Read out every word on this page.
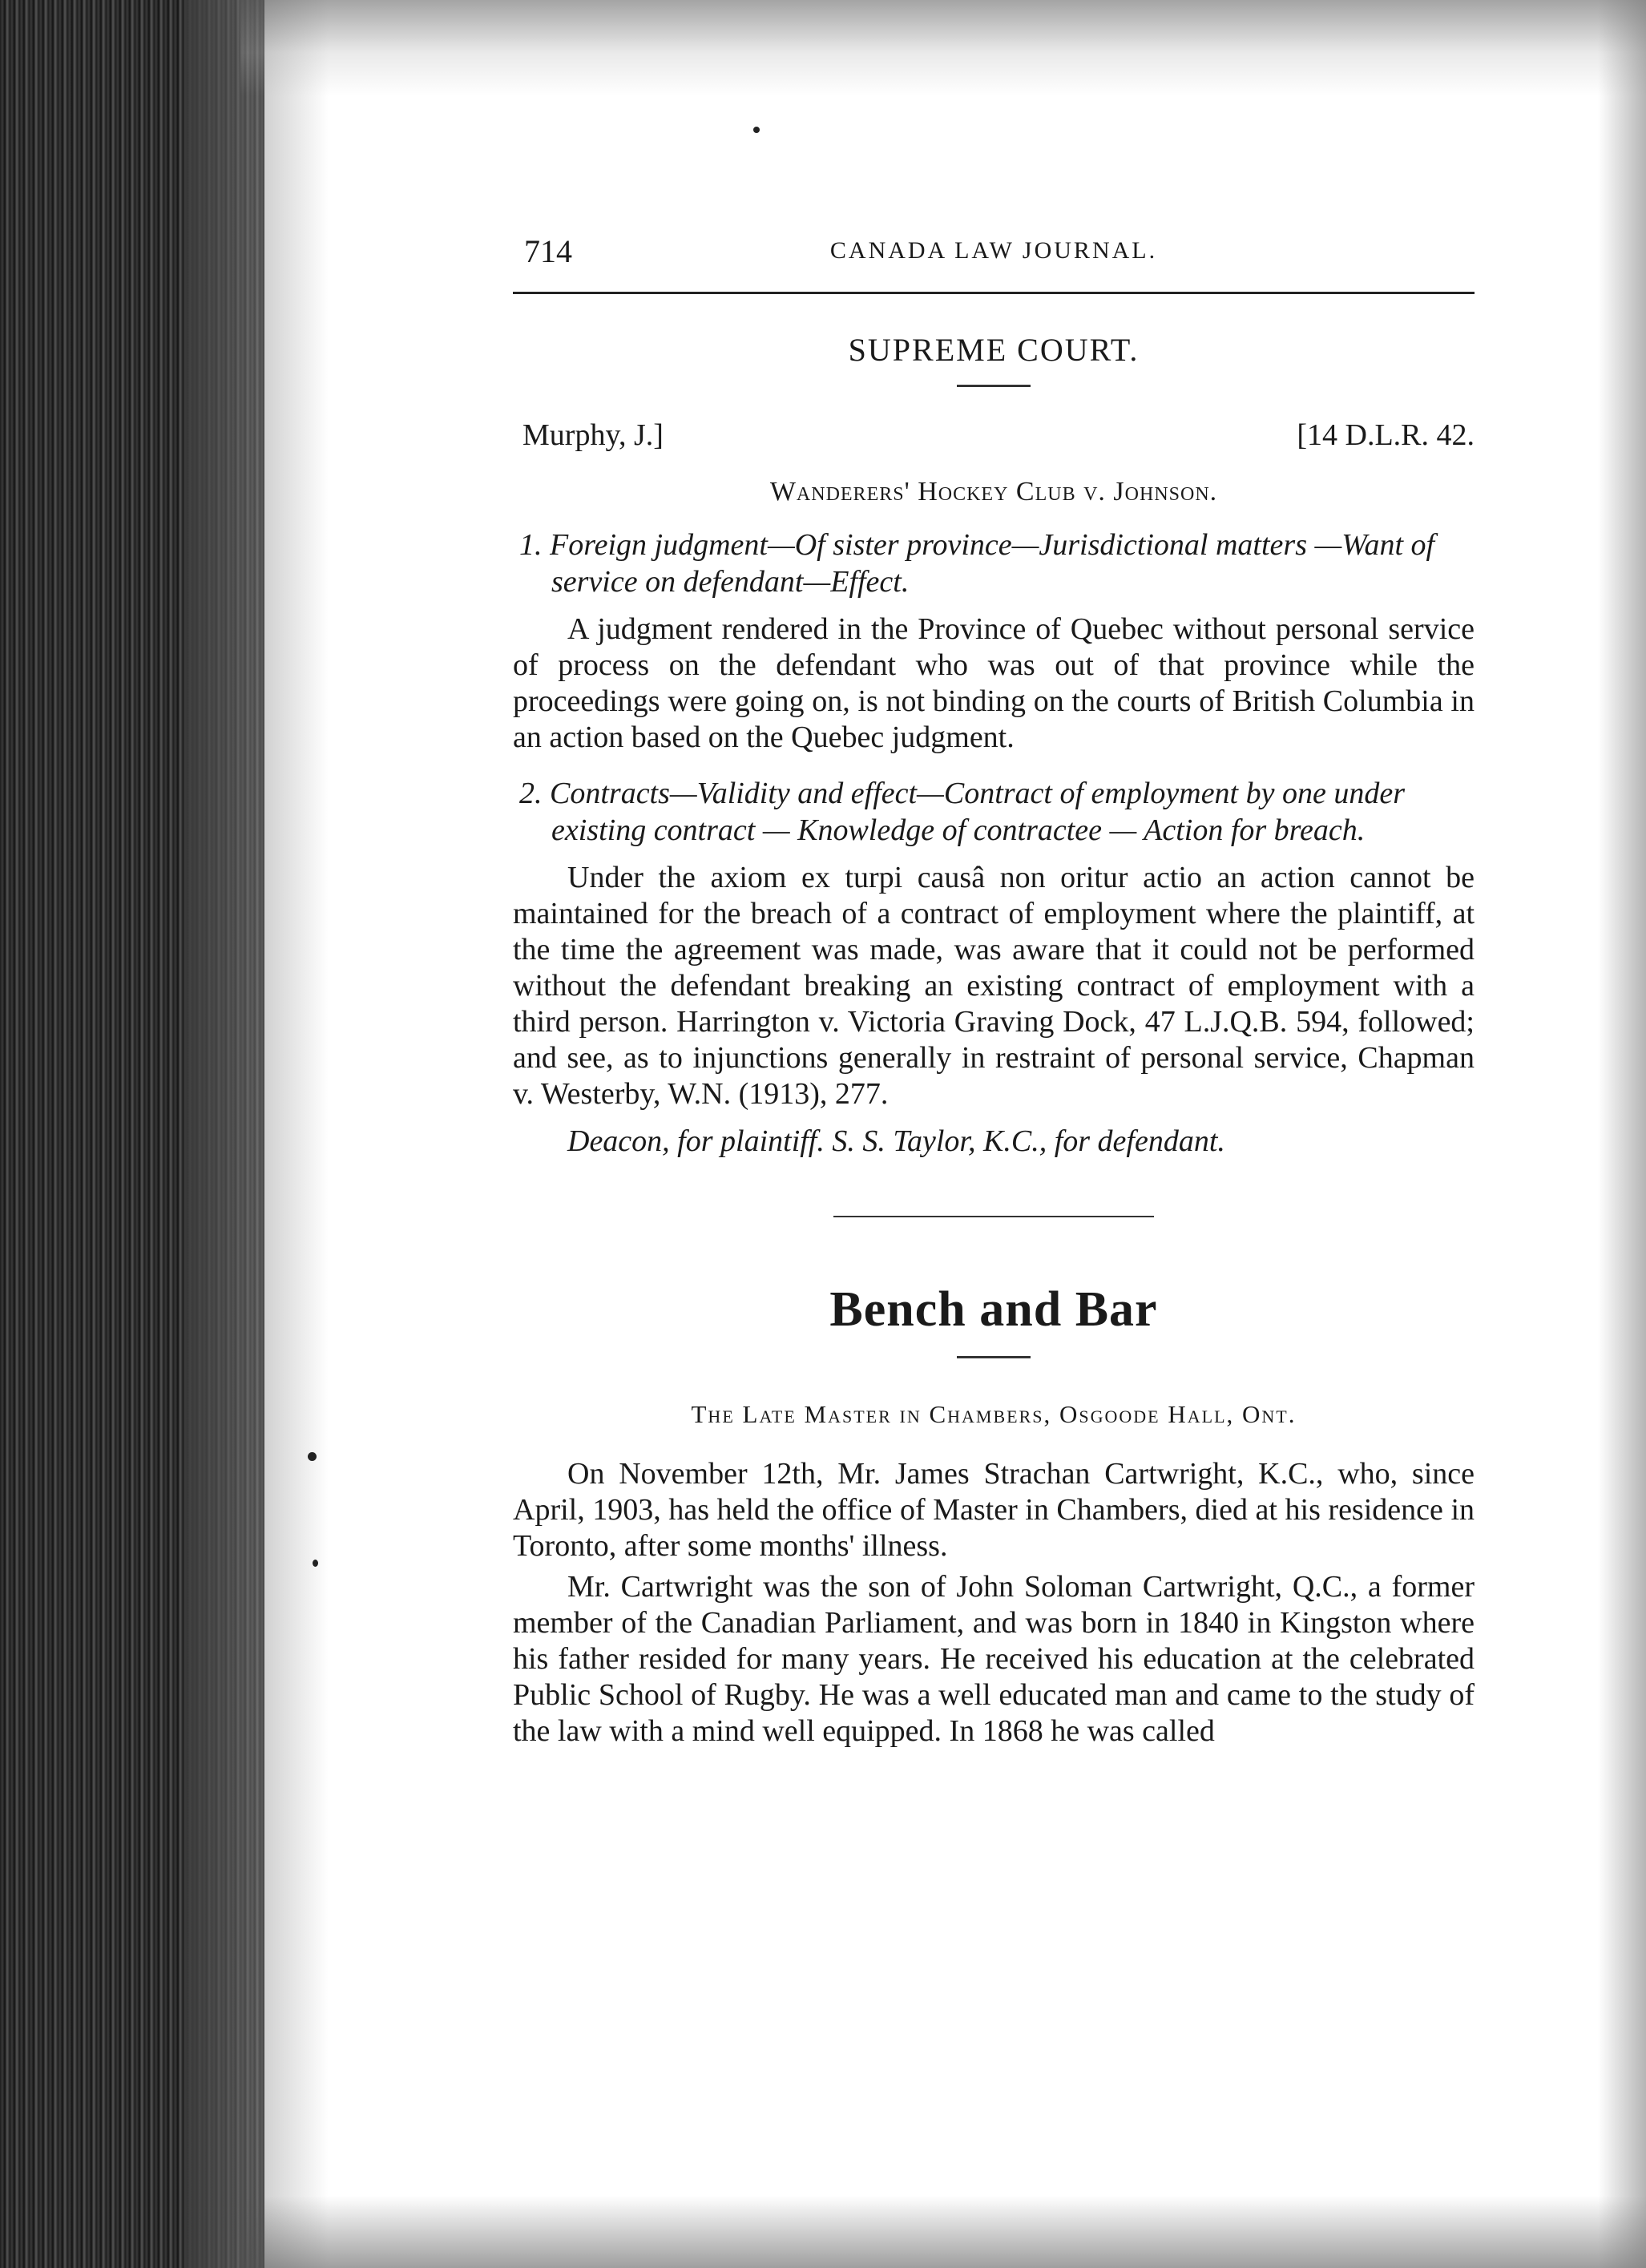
714	CANADA LAW JOURNAL.
SUPREME COURT.
Murphy, J.]	[14 D.L.R. 42.
Wanderers' Hockey Club v. Johnson.
1. Foreign judgment—Of sister province—Jurisdictional matters —Want of service on defendant—Effect.
A judgment rendered in the Province of Quebec without personal service of process on the defendant who was out of that province while the proceedings were going on, is not binding on the courts of British Columbia in an action based on the Quebec judgment.
2. Contracts—Validity and effect—Contract of employment by one under existing contract — Knowledge of contractee — Action for breach.
Under the axiom ex turpi causâ non oritur actio an action cannot be maintained for the breach of a contract of employment where the plaintiff, at the time the agreement was made, was aware that it could not be performed without the defendant breaking an existing contract of employment with a third person. Harrington v. Victoria Graving Dock, 47 L.J.Q.B. 594, followed; and see, as to injunctions generally in restraint of personal service, Chapman v. Westerby, W.N. (1913), 277.
Deacon, for plaintiff. S. S. Taylor, K.C., for defendant.
Bench and Bar
The Late Master in Chambers, Osgoode Hall, Ont.
On November 12th, Mr. James Strachan Cartwright, K.C., who, since April, 1903, has held the office of Master in Chambers, died at his residence in Toronto, after some months' illness.
Mr. Cartwright was the son of John Soloman Cartwright, Q.C., a former member of the Canadian Parliament, and was born in 1840 in Kingston where his father resided for many years. He received his education at the celebrated Public School of Rugby. He was a well educated man and came to the study of the law with a mind well equipped. In 1868 he was called
